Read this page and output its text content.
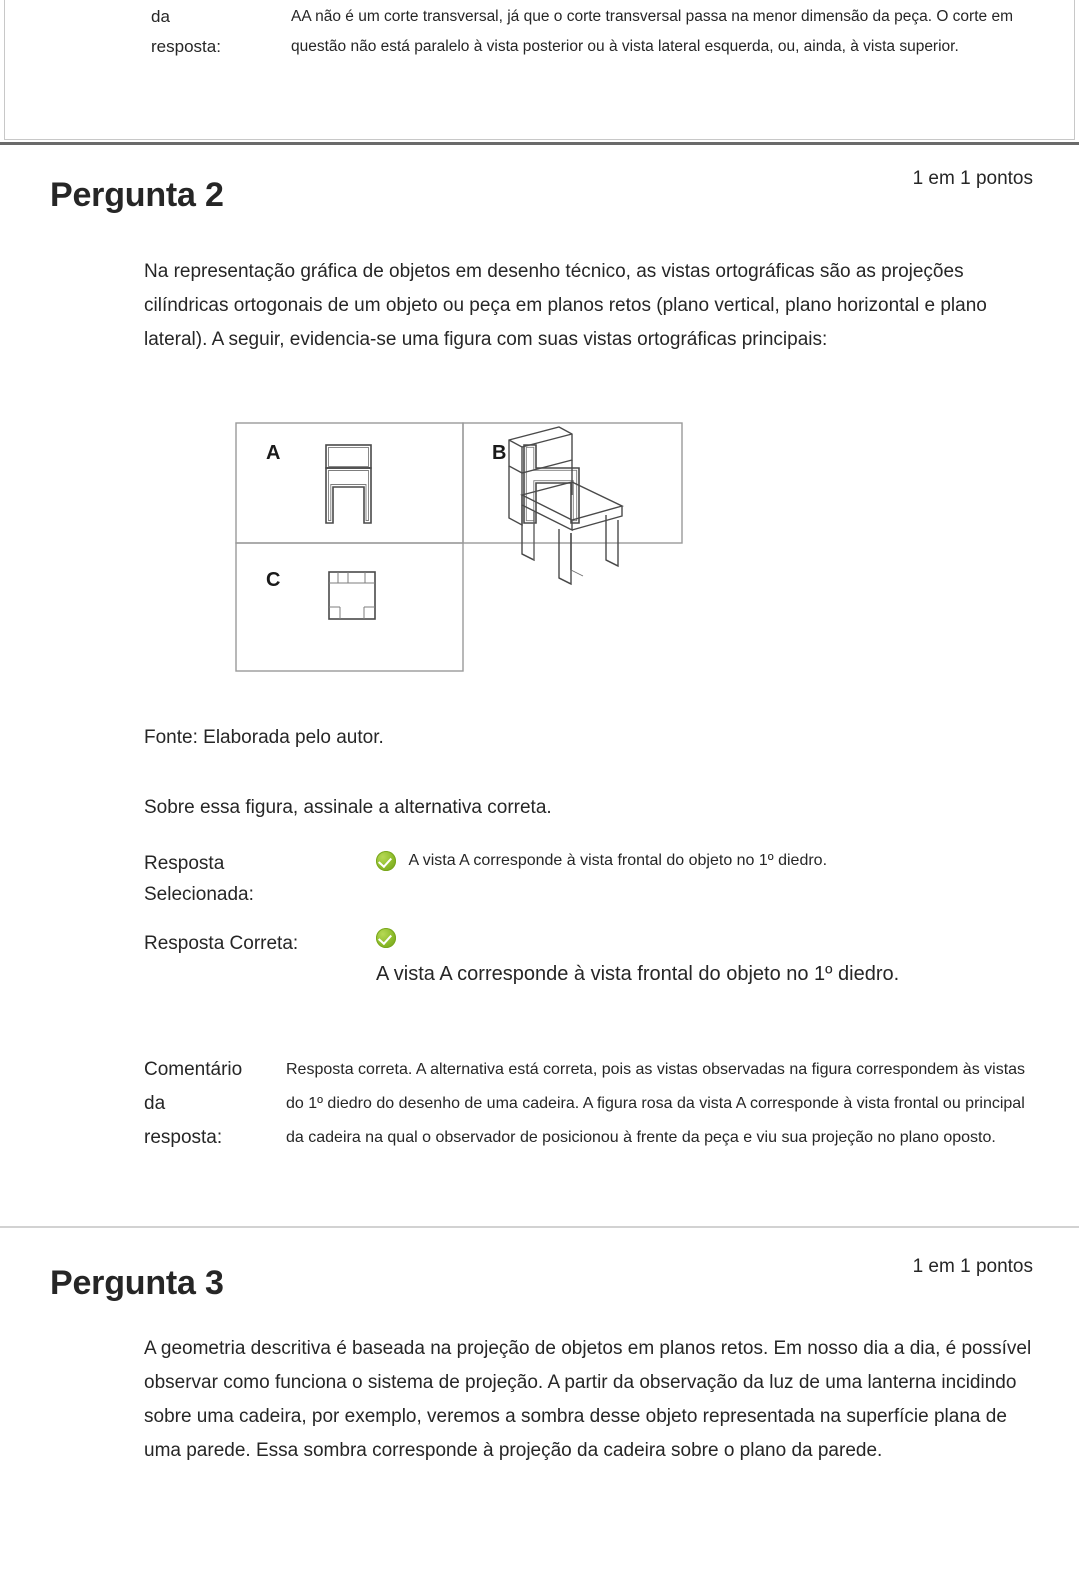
da
resposta:
AA não é um corte transversal, já que o corte transversal passa na menor dimensão da peça. O corte em questão não está paralelo à vista posterior ou à vista lateral esquerda, ou, ainda, à vista superior.
Pergunta 2	1 em 1 pontos
Na representação gráfica de objetos em desenho técnico, as vistas ortográficas são as projeções cilíndricas ortogonais de um objeto ou peça em planos retos (plano vertical, plano horizontal e plano lateral). A seguir, evidencia-se uma figura com suas vistas ortográficas principais:
A	B
C
Fonte: Elaborada pelo autor.
Sobre essa figura, assinale a alternativa correta.
Resposta
Selecionada:
A vista A corresponde à vista frontal do objeto no 1º diedro.
Resposta Correta:
A vista A corresponde à vista frontal do objeto no 1º diedro.
Comentário
da
resposta:
Resposta correta. A alternativa está correta, pois as vistas observadas na figura correspondem às vistas do 1º diedro do desenho de uma cadeira. A figura rosa da vista A corresponde à vista frontal ou principal da cadeira na qual o observador de posicionou à frente da peça e viu sua projeção no plano oposto.
Pergunta 3	1 em 1 pontos
A geometria descritiva é baseada na projeção de objetos em planos retos. Em nosso dia a dia, é possível observar como funciona o sistema de projeção. A partir da observação da luz de uma lanterna incidindo sobre uma cadeira, por exemplo, veremos a sombra desse objeto representada na superfície plana de uma parede. Essa sombra corresponde à projeção da cadeira sobre o plano da parede.
